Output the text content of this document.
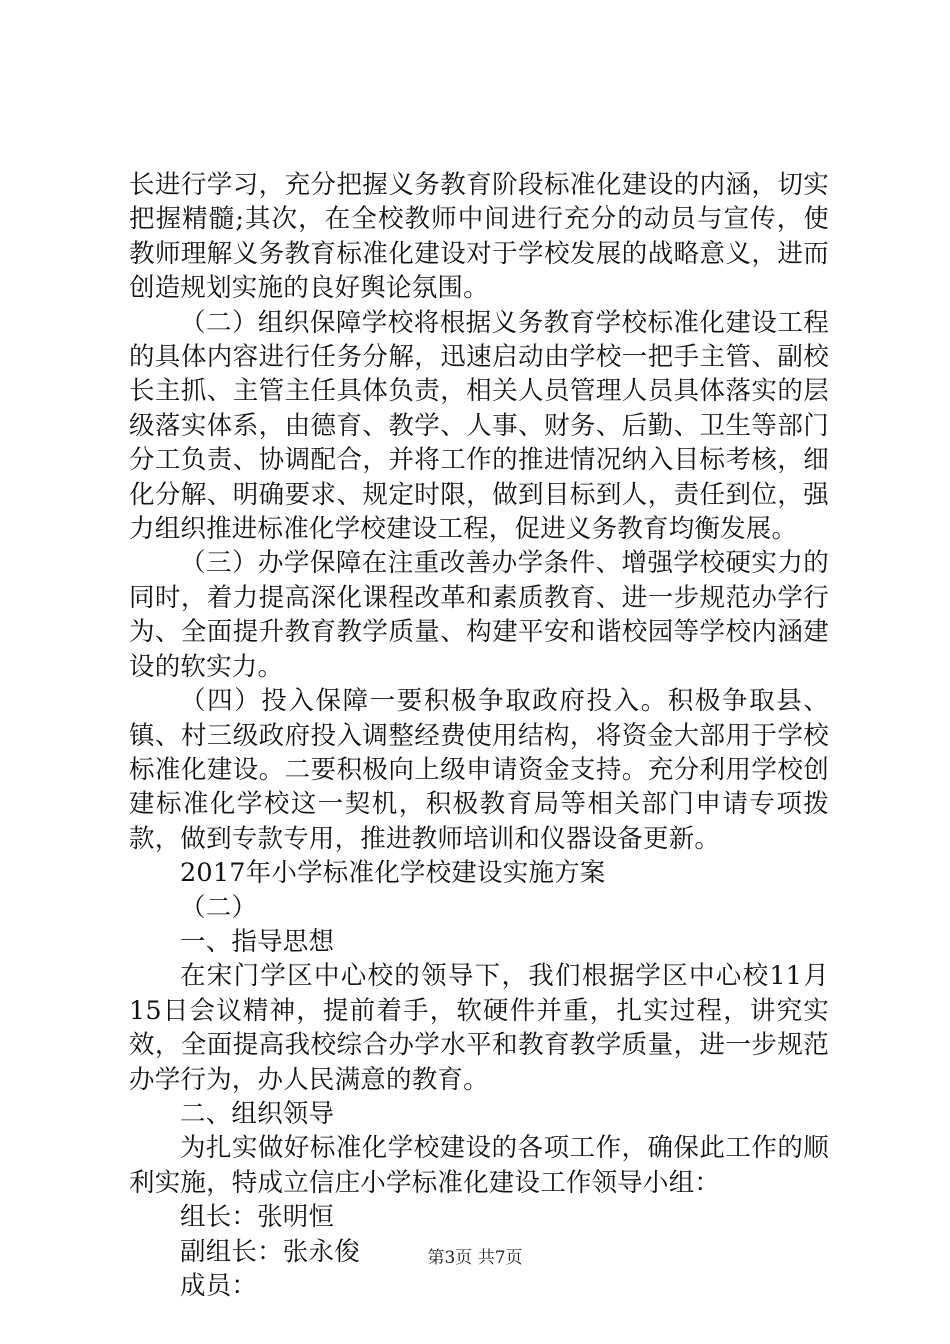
长进行学习，充分把握义务教育阶段标准化建设的内涵，切实把握精髓;其次，在全校教师中间进行充分的动员与宣传，使教师理解义务教育标准化建设对于学校发展的战略意义，进而创造规划实施的良好舆论氛围。

（二）组织保障学校将根据义务教育学校标准化建设工程的具体内容进行任务分解，迅速启动由学校一把手主管、副校长主抓、主管主任具体负责，相关人员管理人员具体落实的层级落实体系，由德育、教学、人事、财务、后勤、卫生等部门分工负责、协调配合，并将工作的推进情况纳入目标考核，细化分解、明确要求、规定时限，做到目标到人，责任到位，强力组织推进标准化学校建设工程，促进义务教育均衡发展。

（三）办学保障在注重改善办学条件、增强学校硬实力的同时，着力提高深化课程改革和素质教育、进一步规范办学行为、全面提升教育教学质量、构建平安和谐校园等学校内涵建设的软实力。

（四）投入保障一要积极争取政府投入。积极争取县、镇、村三级政府投入调整经费使用结构，将资金大部用于学校标准化建设。二要积极向上级申请资金支持。充分利用学校创建标准化学校这一契机，积极教育局等相关部门申请专项拨款，做到专款专用，推进教师培训和仪器设备更新。

2017年小学标准化学校建设实施方案

（二）

一、指导思想

在宋门学区中心校的领导下，我们根据学区中心校11月15日会议精神，提前着手，软硬件并重，扎实过程，讲究实效，全面提高我校综合办学水平和教育教学质量，进一步规范办学行为，办人民满意的教育。

二、组织领导

为扎实做好标准化学校建设的各项工作，确保此工作的顺利实施，特成立信庄小学标准化建设工作领导小组：

组长：张明恒

副组长：张永俊

成员：

第3页 共7页
